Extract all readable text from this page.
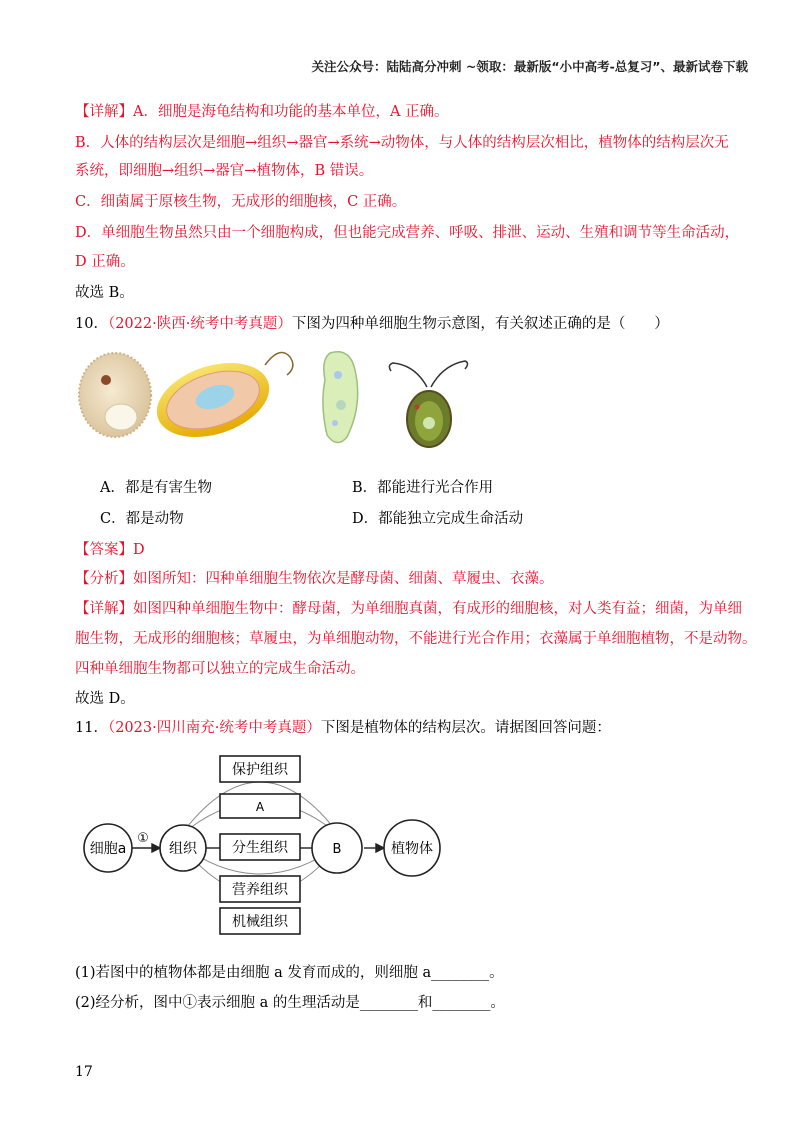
关注公众号：陆陆高分冲刺 ~领取：最新版“小中高考-总复习”、最新试卷下载
【详解】A．细胞是海龟结构和功能的基本单位，A 正确。
B．人体的结构层次是细胞→组织→器官→系统→动物体，与人体的结构层次相比，植物体的结构层次无
系统，即细胞→组织→器官→植物体，B 错误。
C．细菌属于原核生物，无成形的细胞核，C 正确。
D．单细胞生物虽然只由一个细胞构成，但也能完成营养、呼吸、排泄、运动、生殖和调节等生命活动，
D 正确。
故选 B。
10．（2022·陕西·统考中考真题）下图为四种单细胞生物示意图，有关叙述正确的是（　　）
A．都是有害生物	B．都能进行光合作用
C．都是动物	D．都能独立完成生命活动
【答案】D
【分析】如图所知：四种单细胞生物依次是酵母菌、细菌、草履虫、衣藻。
【详解】如图四种单细胞生物中：酵母菌，为单细胞真菌，有成形的细胞核，对人类有益；细菌，为单细
胞生物，无成形的细胞核；草履虫，为单细胞动物，不能进行光合作用；衣藻属于单细胞植物，不是动物。
四种单细胞生物都可以独立的完成生命活动。
故选 D。
11．（2023·四川南充·统考中考真题）下图是植物体的结构层次。请据图回答问题：
细胞a
①
组织
保护组织
A
分生组织
营养组织
机械组织
B	植物体
(1)若图中的植物体都是由细胞 a 发育而成的，则细胞 a________。
(2)经分析，图中①表示细胞 a 的生理活动是________和________。
17
